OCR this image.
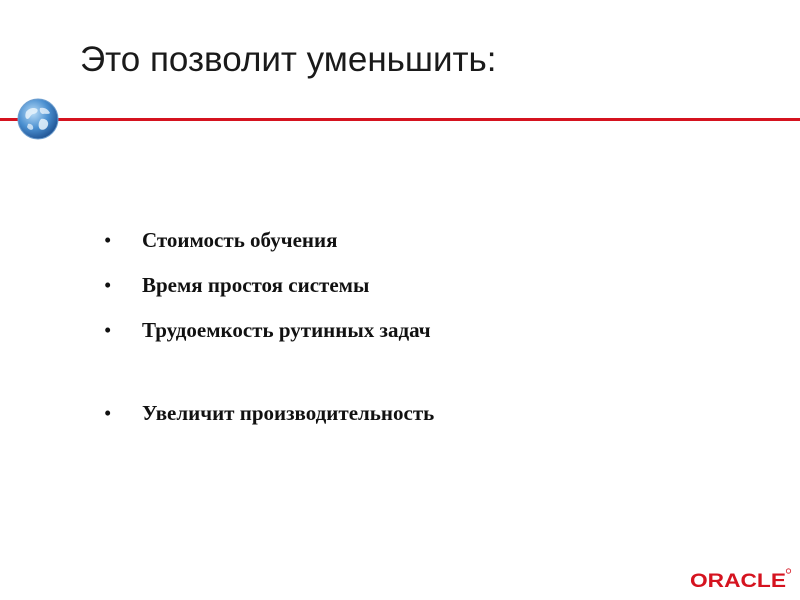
Это позволит уменьшить:
• Стоимость обучения
• Время простоя системы
• Трудоемкость рутинных задач
• Увеличит производительность
ORACLE
